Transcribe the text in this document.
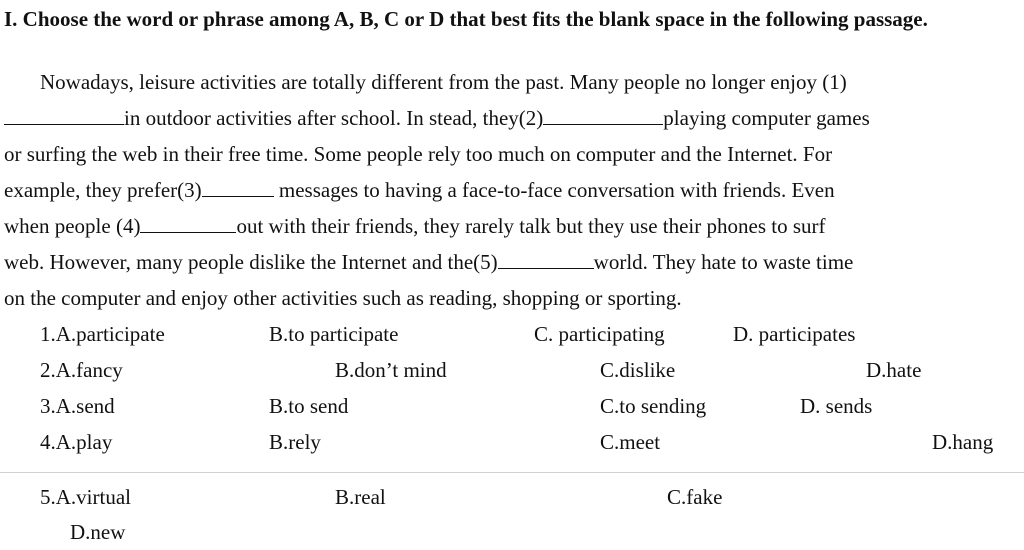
I. Choose the word or phrase among A, B, C or D that best fits the blank space in the following passage.
Nowadays, leisure activities are totally different from the past. Many people no longer enjoy (1)
in outdoor activities after school. In stead, they(2)	playing computer games
or surfing the web in their free time. Some people rely too much on computer and the Internet. For
example, they prefer(3)	messages to having a face-to-face conversation with friends. Even
when people (4)	out with their friends, they rarely talk but they use their phones to surf
web. However, many people dislike the Internet and the(5)	world. They hate to waste time
on the computer and enjoy other activities such as reading, shopping or sporting.
1.A.participate	B.to participate	C. participating	D. participates
2.A.fancy	B.don’t mind	C.dislike	D.hate
3.A.send	B.to send	C.to sending	D. sends
4.A.play	B.rely	C.meet	D.hang
5.A.virtual	B.real	C.fake
D.new
